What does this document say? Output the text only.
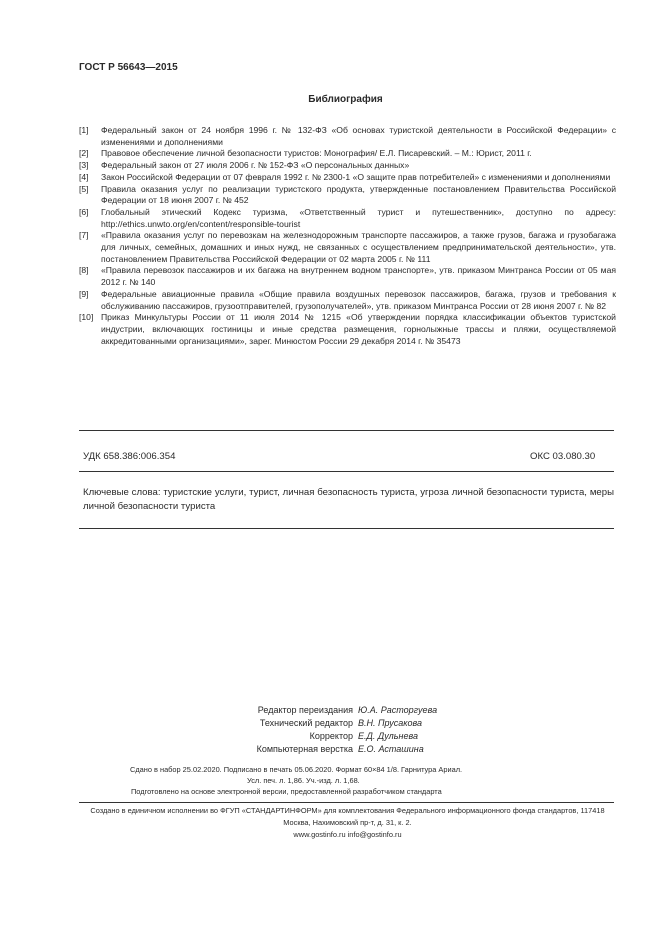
ГОСТ Р 56643—2015
Библиография
[1]	Федеральный закон от 24 ноября 1996 г. № 132-ФЗ «Об основах туристской деятельности в Российской Федерации» с изменениями и дополнениями
[2]	Правовое обеспечение личной безопасности туристов: Монография/ Е.Л. Писаревский. – М.: Юрист, 2011 г.
[3]	Федеральный закон от 27 июля 2006 г. № 152-ФЗ «О персональных данных»
[4]	Закон Российской Федерации от 07 февраля 1992 г. № 2300-1 «О защите прав потребителей» с изменениями и дополнениями
[5]	Правила оказания услуг по реализации туристского продукта, утвержденные постановлением Правительства Российской Федерации от 18 июня 2007 г. № 452
[6]	Глобальный этический Кодекс туризма, «Ответственный турист и путешественник», доступно по адресу: http://ethics.unwto.org/en/content/responsible-tourist
[7]	«Правила оказания услуг по перевозкам на железнодорожным транспорте пассажиров, а также грузов, багажа и грузобагажа для личных, семейных, домашних и иных нужд, не связанных с осуществлением предпринимательской деятельности», утв. постановлением Правительства Российской Федерации от 02 марта 2005 г. № 111
[8]	«Правила перевозок пассажиров и их багажа на внутреннем водном транспорте», утв. приказом Минтранса России от 05 мая 2012 г. № 140
[9]	Федеральные авиационные правила «Общие правила воздушных перевозок пассажиров, багажа, грузов и требования к обслуживанию пассажиров, грузоотправителей, грузополучателей», утв. приказом Минтранса России от 28 июня 2007 г. № 82
[10] Приказ Минкультуры России от 11 июля 2014 № 1215 «Об утверждении порядка классификации объектов туристской индустрии, включающих гостиницы и иные средства размещения, горнолыжные трассы и пляжи, осуществляемой аккредитованными организациями», зарег. Минюстом России 29 декабря 2014 г. № 35473
УДК 658.386:006.354	ОКС 03.080.30
Ключевые слова: туристские услуги, турист, личная безопасность туриста, угроза личной безопасности туриста, меры личной безопасности туриста
Редактор переиздания Ю.А. Расторгуева
Технический редактор В.Н. Прусакова
Корректор Е.Д. Дульнева
Компьютерная верстка Е.О. Асташина
Сдано в набор 25.02.2020. Подписано в печать 05.06.2020. Формат 60×84 1/8. Гарнитура Ариал.
Усл. печ. л. 1,86. Уч.-изд. л. 1,68.
Подготовлено на основе электронной версии, предоставленной разработчиком стандарта
Создано в единичном исполнении во ФГУП «СТАНДАРТИНФОРМ» для комплектования Федерального информационного фонда стандартов, 117418 Москва, Нахимовский пр-т, д. 31, к. 2.
www.gostinfo.ru info@gostinfo.ru
